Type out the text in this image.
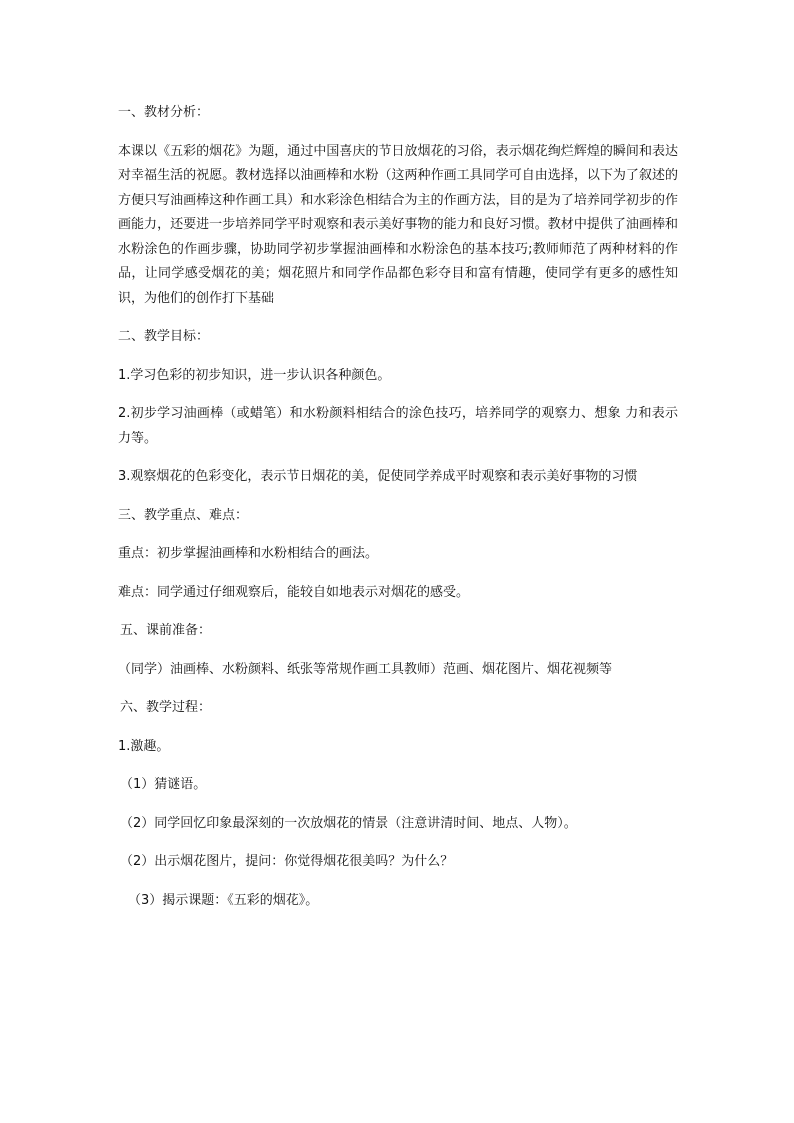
一、教材分析：

本课以《五彩的烟花》为题，通过中国喜庆的节日放烟花的习俗，表示烟花绚烂辉煌的瞬间和表达对幸福生活的祝愿。教材选择以油画棒和水粉（这两种作画工具同学可自由选择，以下为了叙述的方便只写油画棒这种作画工具）和水彩涂色相结合为主的作画方法，目的是为了培养同学初步的作画能力，还要进一步培养同学平时观察和表示美好事物的能力和良好习惯。教材中提供了油画棒和水粉涂色的作画步骤，协助同学初步掌握油画棒和水粉涂色的基本技巧;教师师范了两种材料的作品，让同学感受烟花的美；烟花照片和同学作品都色彩夺目和富有情趣，使同学有更多的感性知识，为他们的创作打下基础

二、教学目标：

1.学习色彩的初步知识，进一步认识各种颜色。

2.初步学习油画棒（或蜡笔）和水粉颜料相结合的涂色技巧，培养同学的观察力、想象 力和表示力等。

3.观察烟花的色彩变化，表示节日烟花的美，促使同学养成平时观察和表示美好事物的习惯

三、教学重点、难点：

重点：初步掌握油画棒和水粉相结合的画法。

难点：同学通过仔细观察后，能较自如地表示对烟花的感受。

五、课前准备：

（同学）油画棒、水粉颜料、纸张等常规作画工具教师）范画、烟花图片、烟花视频等

六、教学过程：

1.激趣。

（1）猜谜语。

（2）同学回忆印象最深刻的一次放烟花的情景（注意讲清时间、地点、人物）。

（2）出示烟花图片，提问：你觉得烟花很美吗？为什么？

（3）揭示课题：《五彩的烟花》。
